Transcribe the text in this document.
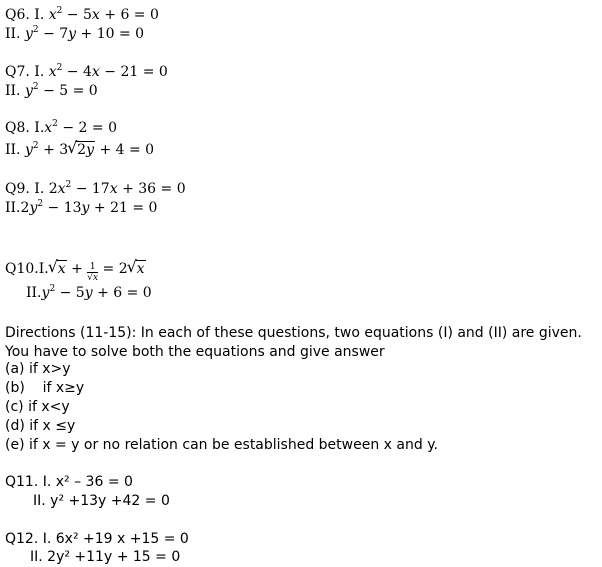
Q6. I. $x^2 - 5x + 6 = 0$
II. $y^2 - 7y + 10 = 0$
Q7. I. $x^2 - 4x - 21 = 0$
II. $y^2 - 5 = 0$
Q8. $I.x^2 - 2 = 0$
II. $y^2 + 3√$ 2y + 4 = 0
Q9. I. $2x^2 - 17x + 36 = 0$
$II.2y^2 - 13y + 21 = 0$
Q10.I.√ $x + \frac{1}{√x} = 2√$ x
$II.y^2 - 5y + 6 = 0$
Directions (11-15): In each of these questions, two equations (I) and (II) are given. You have to solve both the equations and give answer
(a) if x>y
(b)    if x≥y
(c) if x<y
(d) if x ≤y
(e) if x = y or no relation can be established between x and y.
Q11. I. x² – 36 = 0
II. y² +13y +42 = 0
Q12. I. 6x² +19 x +15 = 0
II. 2y² +11y + 15 = 0
